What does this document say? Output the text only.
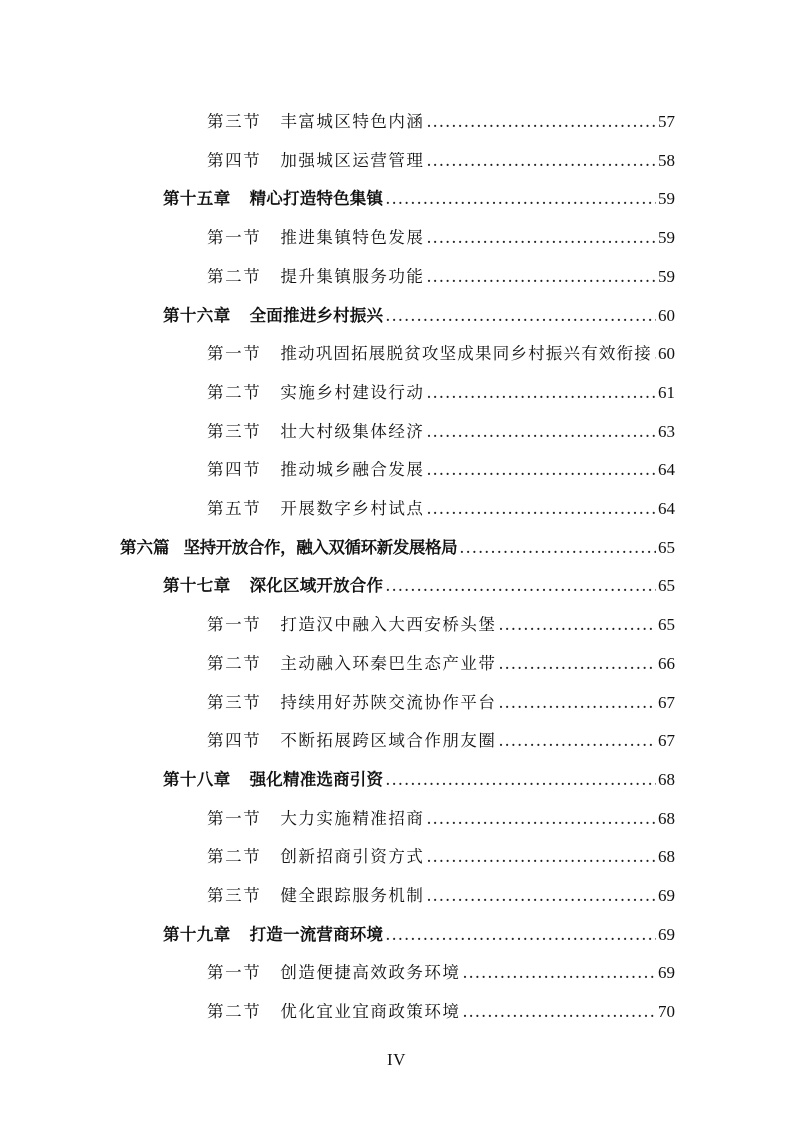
第三节 丰富城区特色内涵 .....	57
第四节 加强城区运营管理 .....	58
第十五章 精心打造特色集镇 .....	59
第一节 推进集镇特色发展 .....	59
第二节 提升集镇服务功能 .....	59
第十六章 全面推进乡村振兴 .....	60
第一节 推动巩固拓展脱贫攻坚成果同乡村振兴有效衔接 ..... 60
第二节 实施乡村建设行动 .....	61
第三节 壮大村级集体经济 .....	63
第四节 推动城乡融合发展 .....	64
第五节 开展数字乡村试点 .....	64
第六篇 坚持开放合作，融入双循环新发展格局 .....	65
第十七章 深化区域开放合作 .....	65
第一节 打造汉中融入大西安桥头堡 .....	65
第二节 主动融入环秦巴生态产业带 .....	66
第三节 持续用好苏陕交流协作平台 .....	67
第四节 不断拓展跨区域合作朋友圈 .....	67
第十八章 强化精准选商引资 .....	68
第一节 大力实施精准招商 .....	68
第二节 创新招商引资方式 .....	68
第三节 健全跟踪服务机制 .....	69
第十九章 打造一流营商环境 .....	69
第一节 创造便捷高效政务环境 .....	69
第二节 优化宜业宜商政策环境 .....	70
IV
